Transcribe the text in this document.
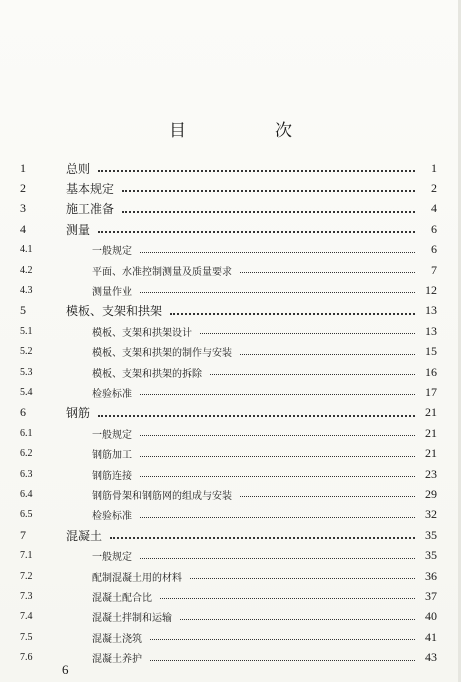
目　次
1	总则	1
2	基本规定	2
3	施工准备	4
4	测量	6
4.1	一般规定	6
4.2	平面、水准控制测量及质量要求	7
4.3	测量作业	12
5	模板、支架和拱架	13
5.1	模板、支架和拱架设计	13
5.2	模板、支架和拱架的制作与安装	15
5.3	模板、支架和拱架的拆除	16
5.4	检验标准	17
6	钢筋	21
6.1	一般规定	21
6.2	钢筋加工	21
6.3	钢筋连接	23
6.4	钢筋骨架和钢筋网的组成与安装	29
6.5	检验标准	32
7	混凝土	35
7.1	一般规定	35
7.2	配制混凝土用的材料	36
7.3	混凝土配合比	37
7.4	混凝土拌制和运输	40
7.5	混凝土浇筑	41
7.6	混凝土养护	43
6
